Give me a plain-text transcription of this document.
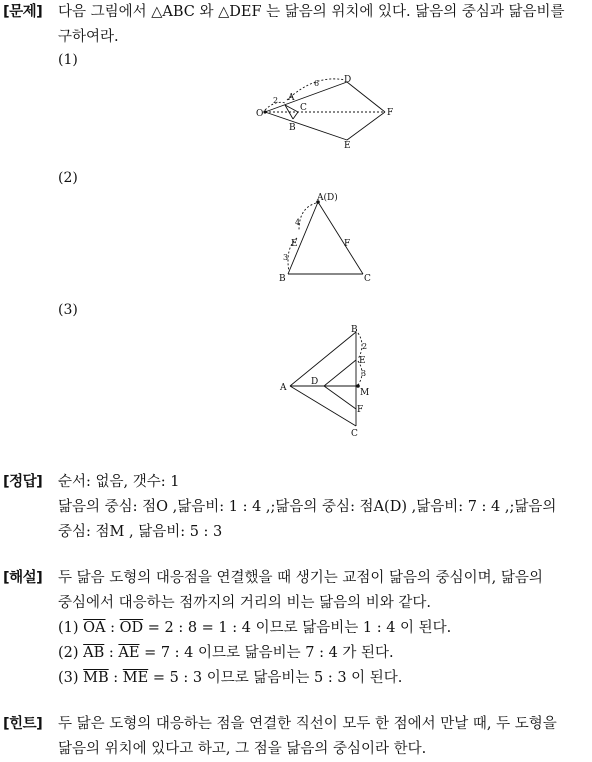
[문제] 다음 그림에서 △ABC 와 △DEF 는 닮음의 위치에 있다. 닮음의 중심과 닮음비를
구하여라.
(1)
O
A
B
C
D
E
F
2
6
(2)
A(D)
B	C
E	F
4
3
(3)
A
B
C
D
E
F
M
2
3
[정답] 순서: 없음, 갯수: 1
닮음의 중심: 점O ,닮음비: 1 : 4 ,;닮음의 중심: 점A(D) ,닮음비: 7 : 4 ,;닮음의
중심: 점M , 닮음비: 5 : 3
[해설] 두 닮음 도형의 대응점을 연결했을 때 생기는 교점이 닮음의 중심이며, 닮음의
중심에서 대응하는 점까지의 거리의 비는 닮음의 비와 같다.
(1) $\overline{OA}$ : $\overline{OD} = 2$ : 8 = 1 : 4 이므로 닮음비는 1 : 4 이 된다.
(2) $\overline{AB}$ : $\overline{AE} = 7$ : 4 이므로 닮음비는 7 : 4 가 된다.
(3) $\overline{MB}$ : $\overline{ME} = 5$ : 3 이므로 닮음비는 5 : 3 이 된다.
[힌트] 두 닮은 도형의 대응하는 점을 연결한 직선이 모두 한 점에서 만날 때, 두 도형을
닮음의 위치에 있다고 하고, 그 점을 닮음의 중심이라 한다.
